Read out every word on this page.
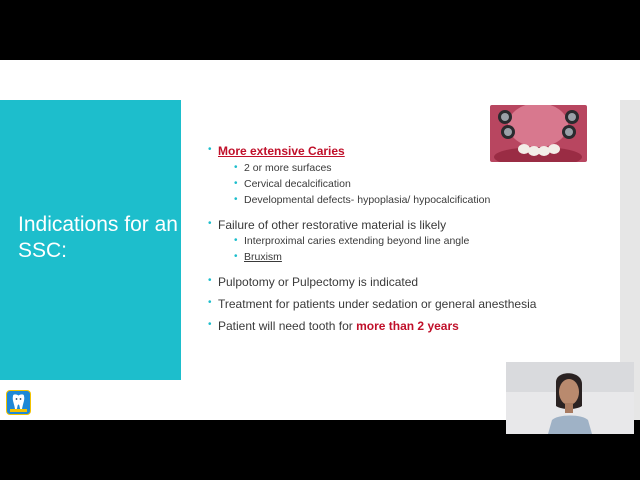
Indications for an SSC:
• More extensive Caries
• 2 or more surfaces
• Cervical decalcification
• Developmental defects- hypoplasia/ hypocalcification
• Failure of other restorative material is likely
• Interproximal caries extending beyond line angle
• Bruxism
• Pulpotomy or Pulpectomy is indicated
• Treatment for patients under sedation or general anesthesia
• Patient will need tooth for more than 2 years
